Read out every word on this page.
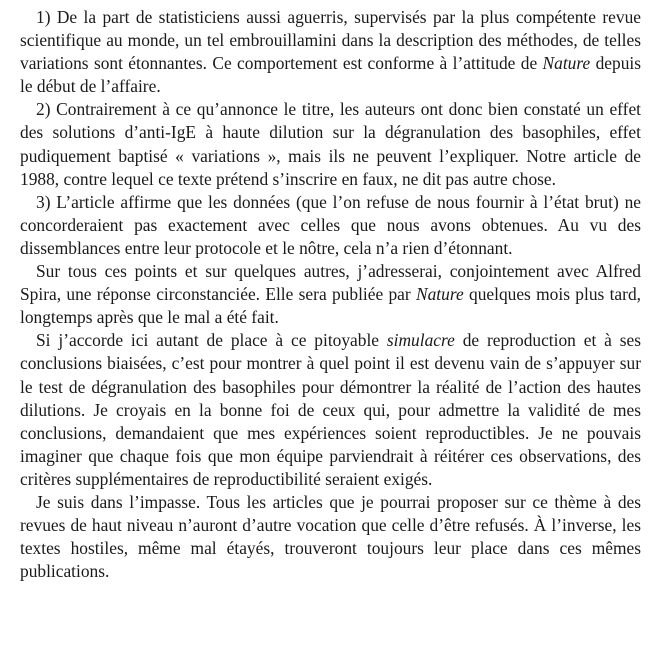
1) De la part de statisticiens aussi aguerris, supervisés par la plus compétente revue scientifique au monde, un tel embrouillamini dans la description des méthodes, de telles variations sont étonnantes. Ce comportement est conforme à l’attitude de Nature depuis le début de l’affaire.

2) Contrairement à ce qu’annonce le titre, les auteurs ont donc bien constaté un effet des solutions d’anti-IgE à haute dilution sur la dégranulation des basophiles, effet pudiquement baptisé « variations », mais ils ne peuvent l’expliquer. Notre article de 1988, contre lequel ce texte prétend s’inscrire en faux, ne dit pas autre chose.

3) L’article affirme que les données (que l’on refuse de nous fournir à l’état brut) ne concorderaient pas exactement avec celles que nous avons obtenues. Au vu des dissemblances entre leur protocole et le nôtre, cela n’a rien d’étonnant.

Sur tous ces points et sur quelques autres, j’adresserai, conjointement avec Alfred Spira, une réponse circonstanciée. Elle sera publiée par Nature quelques mois plus tard, longtemps après que le mal a été fait.

Si j’accorde ici autant de place à ce pitoyable simulacre de reproduction et à ses conclusions biaisées, c’est pour montrer à quel point il est devenu vain de s’appuyer sur le test de dégranulation des basophiles pour démontrer la réalité de l’action des hautes dilutions. Je croyais en la bonne foi de ceux qui, pour admettre la validité de mes conclusions, demandaient que mes expériences soient reproductibles. Je ne pouvais imaginer que chaque fois que mon équipe parviendrait à réitérer ces observations, des critères supplémentaires de reproductibilité seraient exigés.

Je suis dans l’impasse. Tous les articles que je pourrai proposer sur ce thème à des revues de haut niveau n’auront d’autre vocation que celle d’être refusés. À l’inverse, les textes hostiles, même mal étayés, trouveront toujours leur place dans ces mêmes publications.
